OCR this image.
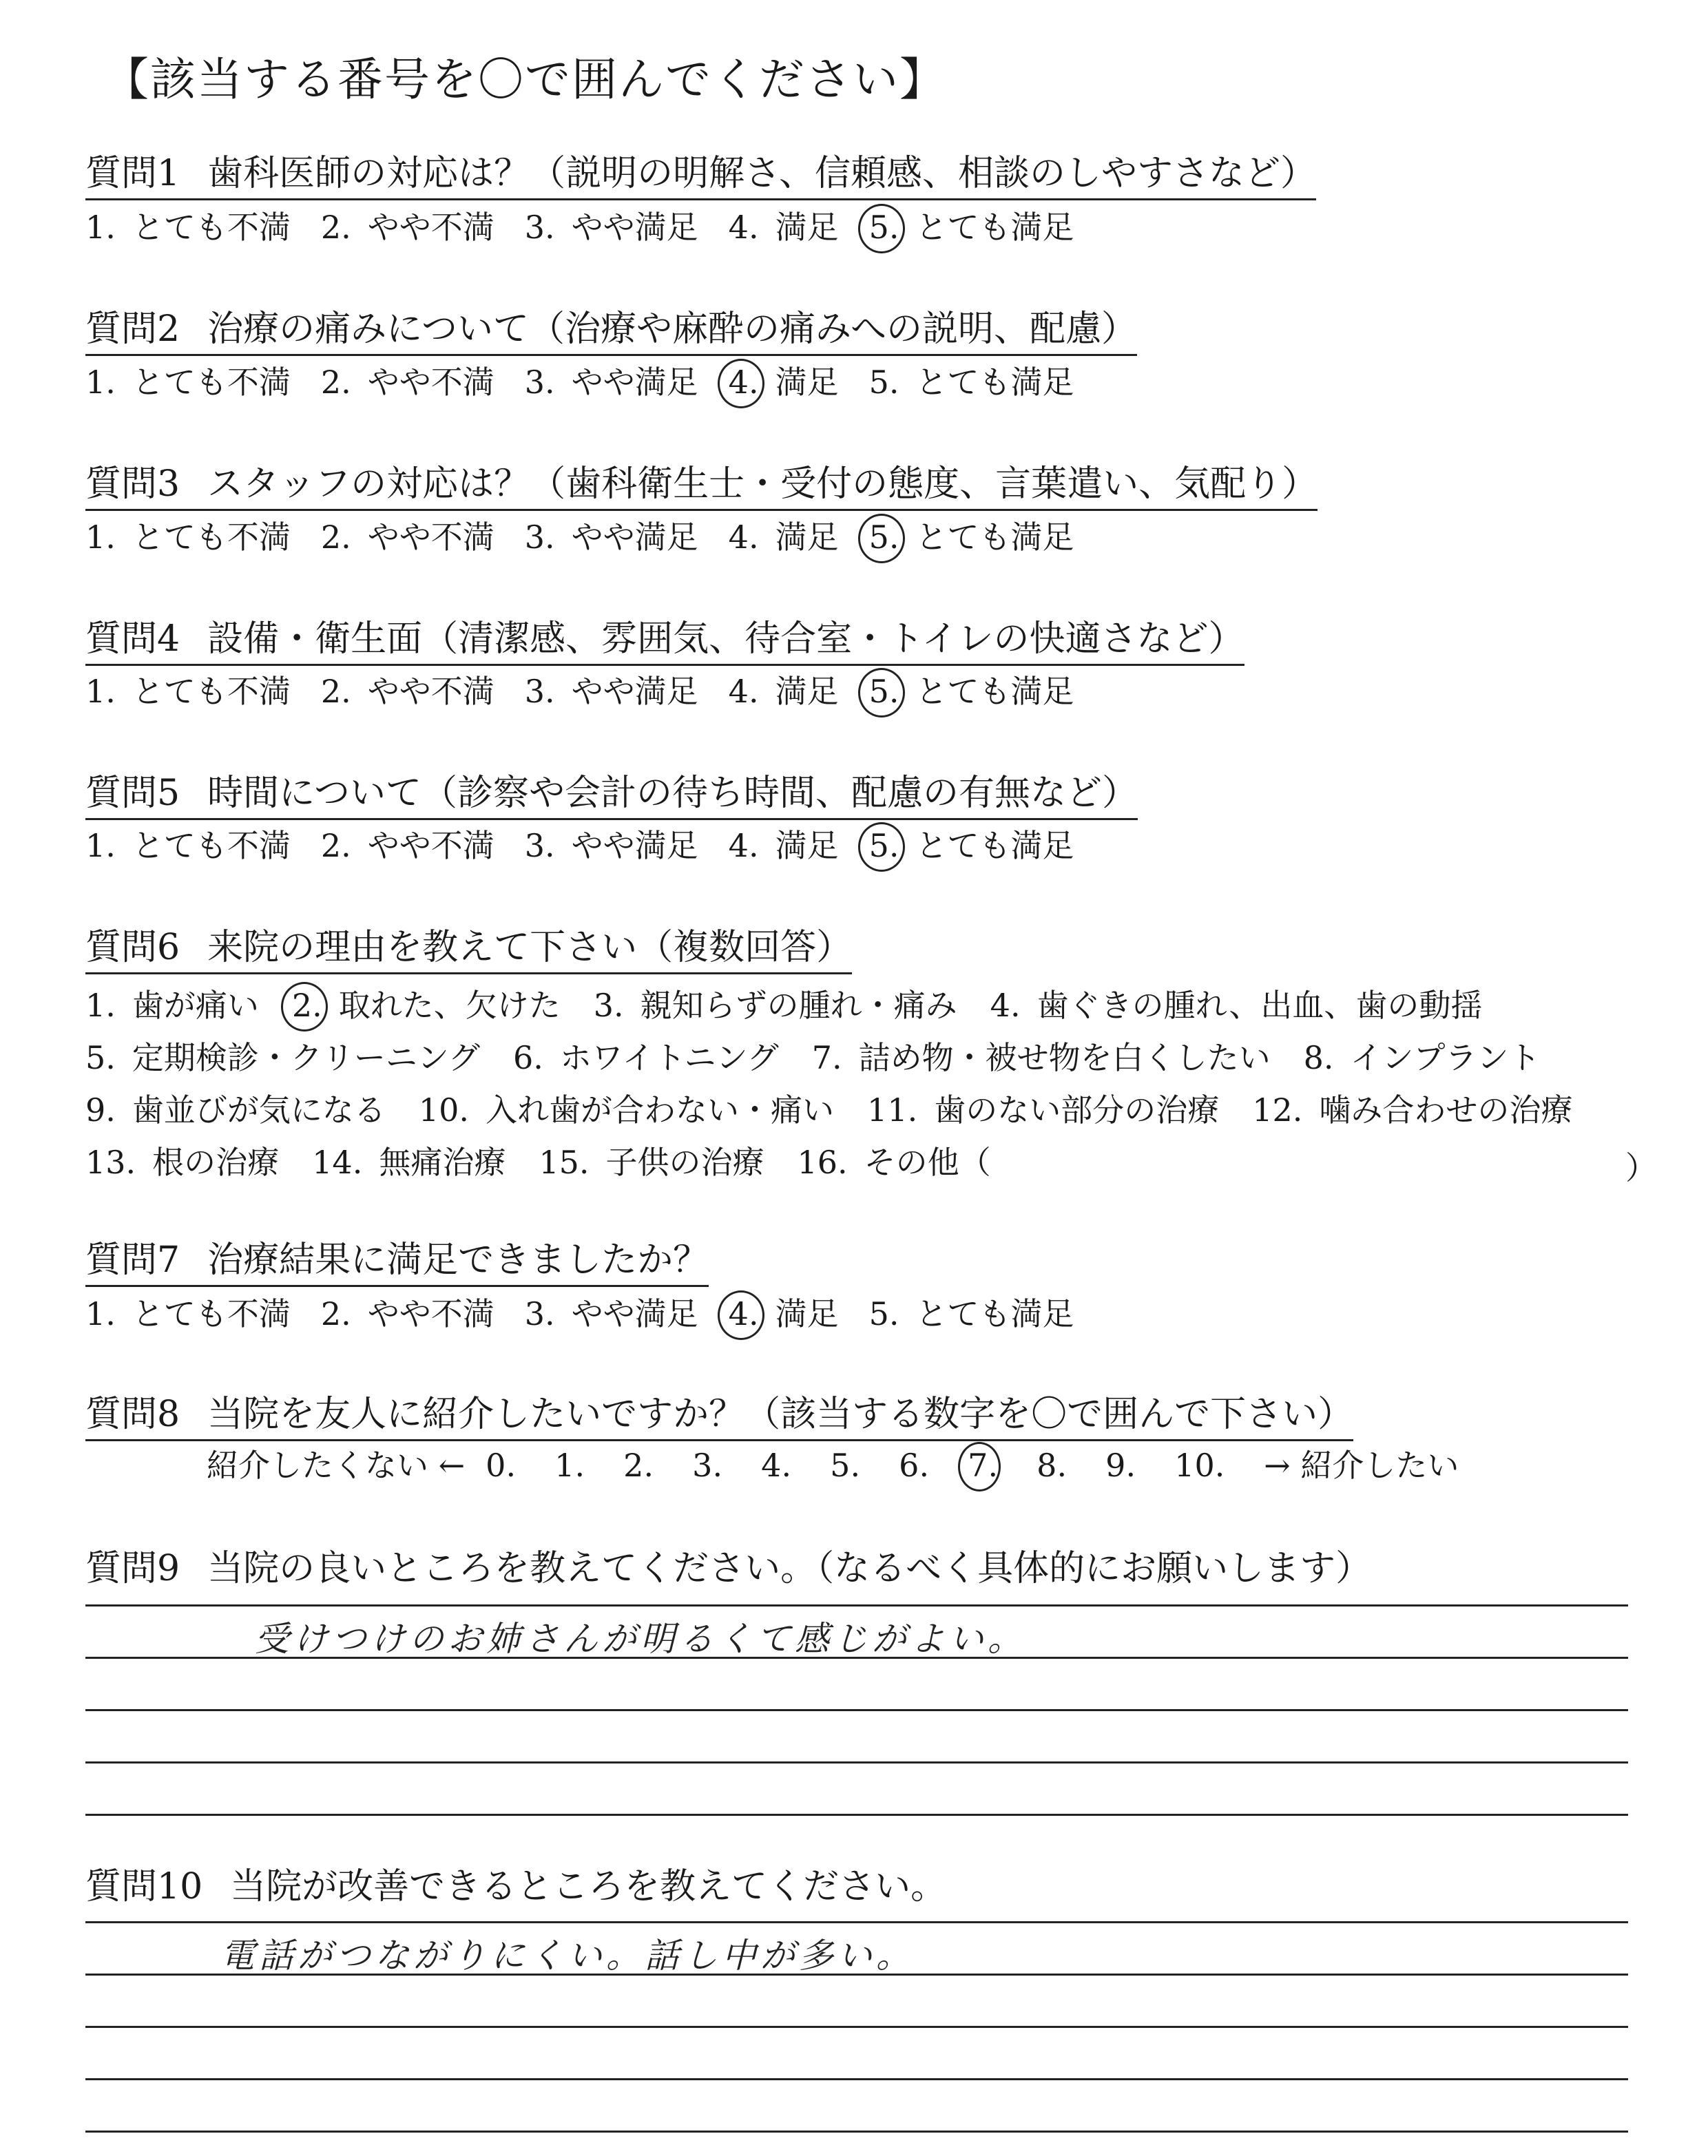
【該当する番号を〇で囲んでください】
質問1 歯科医師の対応は？（説明の明解さ、信頼感、相談のしやすさなど）
1. とても不満 2. やや不満 3. やや満足 4. 満足 5. とても満足
質問2 治療の痛みについて（治療や麻酔の痛みへの説明、配慮）
1. とても不満 2. やや不満 3. やや満足 4. 満足 5. とても満足
質問3 スタッフの対応は？（歯科衛生士・受付の態度、言葉遣い、気配り）
1. とても不満 2. やや不満 3. やや満足 4. 満足 5. とても満足
質問4 設備・衛生面（清潔感、雰囲気、待合室・トイレの快適さなど）
1. とても不満 2. やや不満 3. やや満足 4. 満足 5. とても満足
質問5 時間について（診察や会計の待ち時間、配慮の有無など）
1. とても不満 2. やや不満 3. やや満足 4. 満足 5. とても満足
質問6 来院の理由を教えて下さい（複数回答）
質問7 治療結果に満足できましたか？
1. とても不満 2. やや不満 3. やや満足 4. 満足 5. とても満足
質問8 当院を友人に紹介したいですか？（該当する数字を〇で囲んで下さい）
質問9 当院の良いところを教えてください。（なるべく具体的にお願いします）
質問10 当院が改善できるところを教えてください。
1. 歯が痛い 2. 取れた、欠けた 3. 親知らずの腫れ・痛み 4. 歯ぐきの腫れ、出血、歯の動揺
5. 定期検診・クリーニング 6. ホワイトニング 7. 詰め物・被せ物を白くしたい 8. インプラント
9. 歯並びが気になる 10. 入れ歯が合わない・痛い 11. 歯のない部分の治療 12. 噛み合わせの治療
13. 根の治療 14. 無痛治療 15. 子供の治療 16. その他（	）
紹介したくない ← 0. 1. 2. 3. 4. 5. 6. 7. 8. 9. 10. → 紹介したい
受けつけのお姉さんが明るくて感じがよい。
電話がつながりにくい。話し中が多い。
